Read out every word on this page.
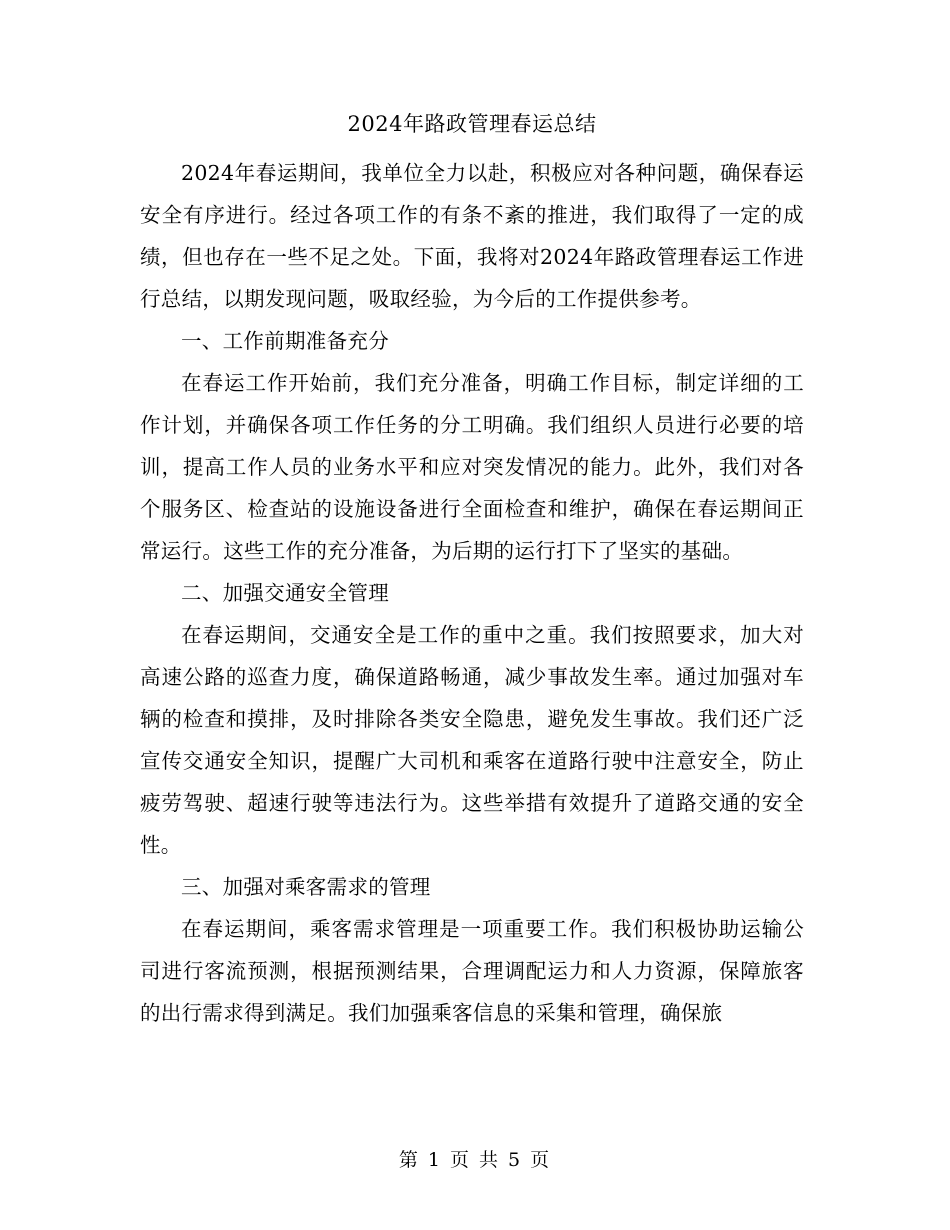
2024年路政管理春运总结

2024年春运期间，我单位全力以赴，积极应对各种问题，确保春运安全有序进行。经过各项工作的有条不紊的推进，我们取得了一定的成绩，但也存在一些不足之处。下面，我将对2024年路政管理春运工作进行总结，以期发现问题，吸取经验，为今后的工作提供参考。

一、工作前期准备充分

在春运工作开始前，我们充分准备，明确工作目标，制定详细的工作计划，并确保各项工作任务的分工明确。我们组织人员进行必要的培训，提高工作人员的业务水平和应对突发情况的能力。此外，我们对各个服务区、检查站的设施设备进行全面检查和维护，确保在春运期间正常运行。这些工作的充分准备，为后期的运行打下了坚实的基础。

二、加强交通安全管理

在春运期间，交通安全是工作的重中之重。我们按照要求，加大对高速公路的巡查力度，确保道路畅通，减少事故发生率。通过加强对车辆的检查和摸排，及时排除各类安全隐患，避免发生事故。我们还广泛宣传交通安全知识，提醒广大司机和乘客在道路行驶中注意安全，防止疲劳驾驶、超速行驶等违法行为。这些举措有效提升了道路交通的安全性。

三、加强对乘客需求的管理

在春运期间，乘客需求管理是一项重要工作。我们积极协助运输公司进行客流预测，根据预测结果，合理调配运力和人力资源，保障旅客的出行需求得到满足。我们加强乘客信息的采集和管理，确保旅

第 1 页 共 5 页
